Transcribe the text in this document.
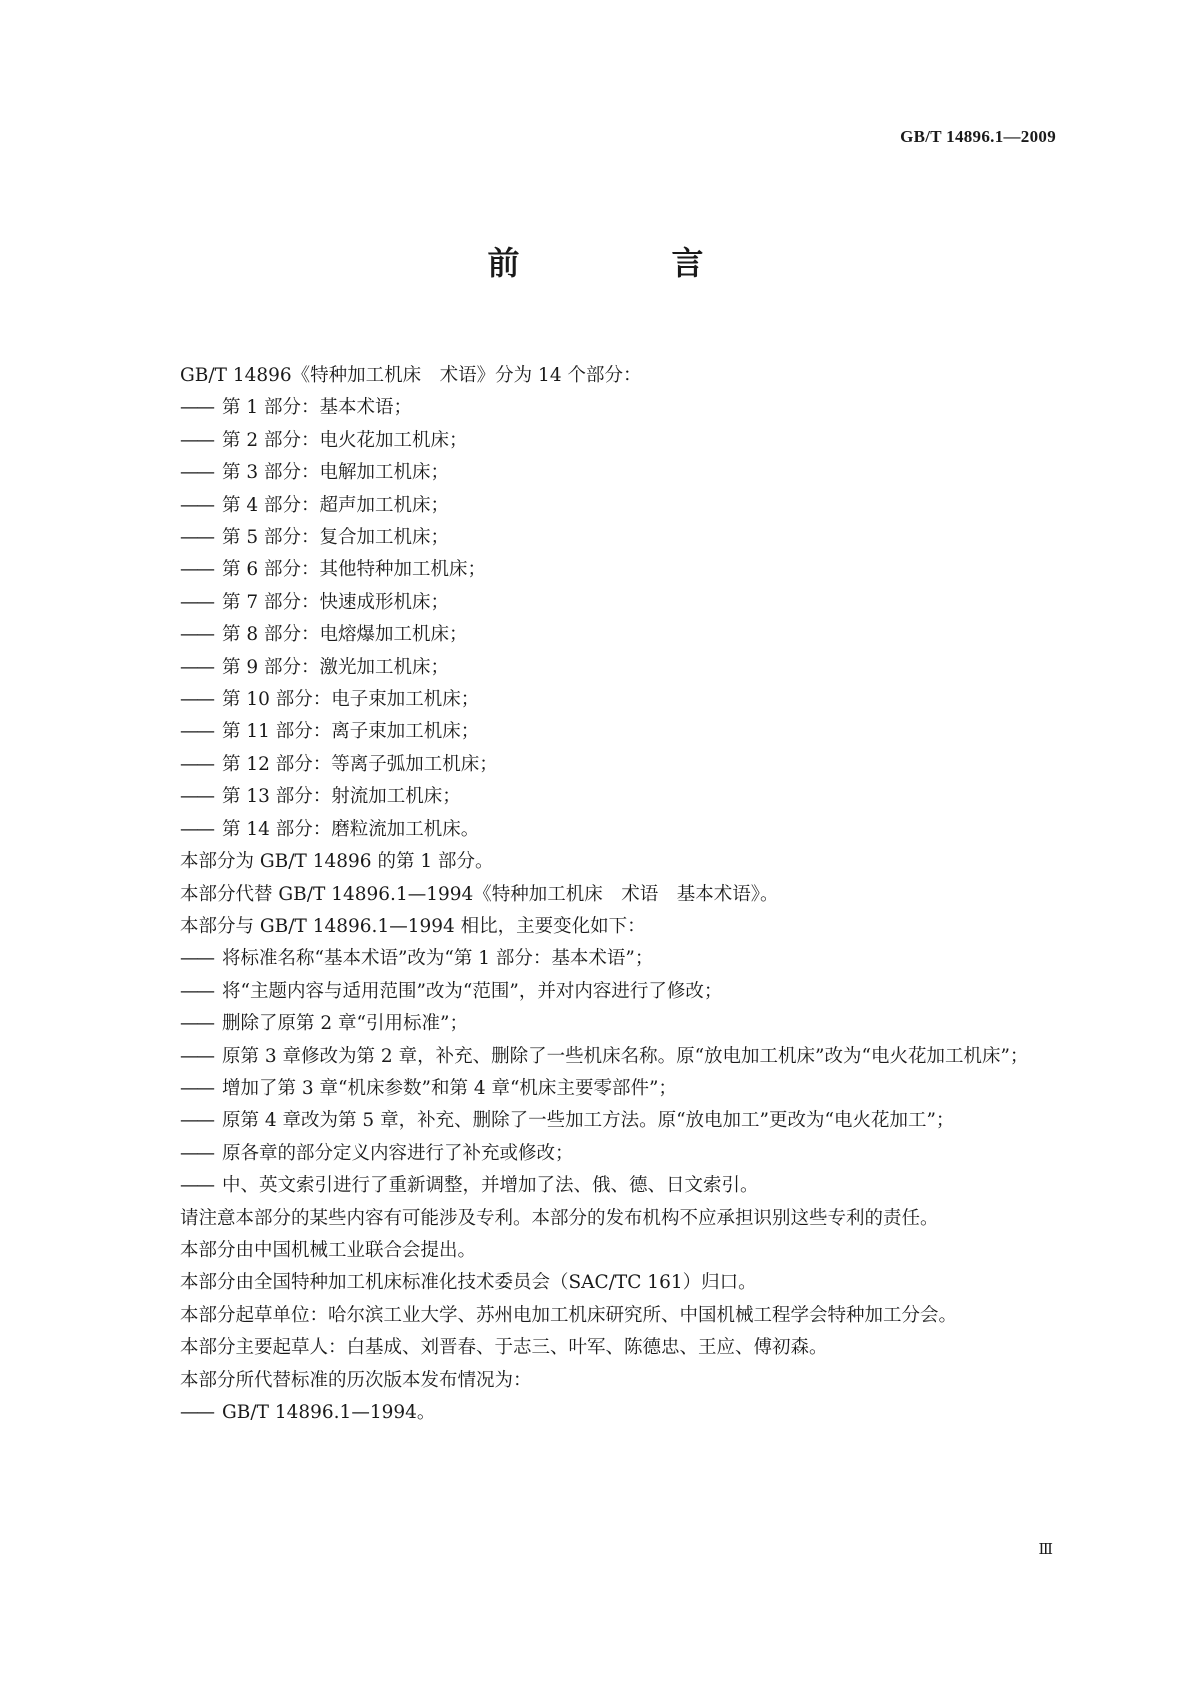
GB/T 14896.1—2009
前　言
GB/T 14896《特种加工机床　术语》分为 14 个部分：
—— 第 1 部分：基本术语；
—— 第 2 部分：电火花加工机床；
—— 第 3 部分：电解加工机床；
—— 第 4 部分：超声加工机床；
—— 第 5 部分：复合加工机床；
—— 第 6 部分：其他特种加工机床；
—— 第 7 部分：快速成形机床；
—— 第 8 部分：电熔爆加工机床；
—— 第 9 部分：激光加工机床；
—— 第 10 部分：电子束加工机床；
—— 第 11 部分：离子束加工机床；
—— 第 12 部分：等离子弧加工机床；
—— 第 13 部分：射流加工机床；
—— 第 14 部分：磨粒流加工机床。
本部分为 GB/T 14896 的第 1 部分。
本部分代替 GB/T 14896.1—1994《特种加工机床　术语　基本术语》。
本部分与 GB/T 14896.1—1994 相比，主要变化如下：
—— 将标准名称“基本术语”改为“第 1 部分：基本术语”；
—— 将“主题内容与适用范围”改为“范围”，并对内容进行了修改；
—— 删除了原第 2 章“引用标准”；
—— 原第 3 章修改为第 2 章，补充、删除了一些机床名称。原“放电加工机床”改为“电火花加工机床”；
—— 增加了第 3 章“机床参数”和第 4 章“机床主要零部件”；
—— 原第 4 章改为第 5 章，补充、删除了一些加工方法。原“放电加工”更改为“电火花加工”；
—— 原各章的部分定义内容进行了补充或修改；
—— 中、英文索引进行了重新调整，并增加了法、俄、德、日文索引。
请注意本部分的某些内容有可能涉及专利。本部分的发布机构不应承担识别这些专利的责任。
本部分由中国机械工业联合会提出。
本部分由全国特种加工机床标准化技术委员会（SAC/TC 161）归口。
本部分起草单位：哈尔滨工业大学、苏州电加工机床研究所、中国机械工程学会特种加工分会。
本部分主要起草人：白基成、刘晋春、于志三、叶军、陈德忠、王应、傅初森。
本部分所代替标准的历次版本发布情况为：
—— GB/T 14896.1—1994。
Ⅲ
